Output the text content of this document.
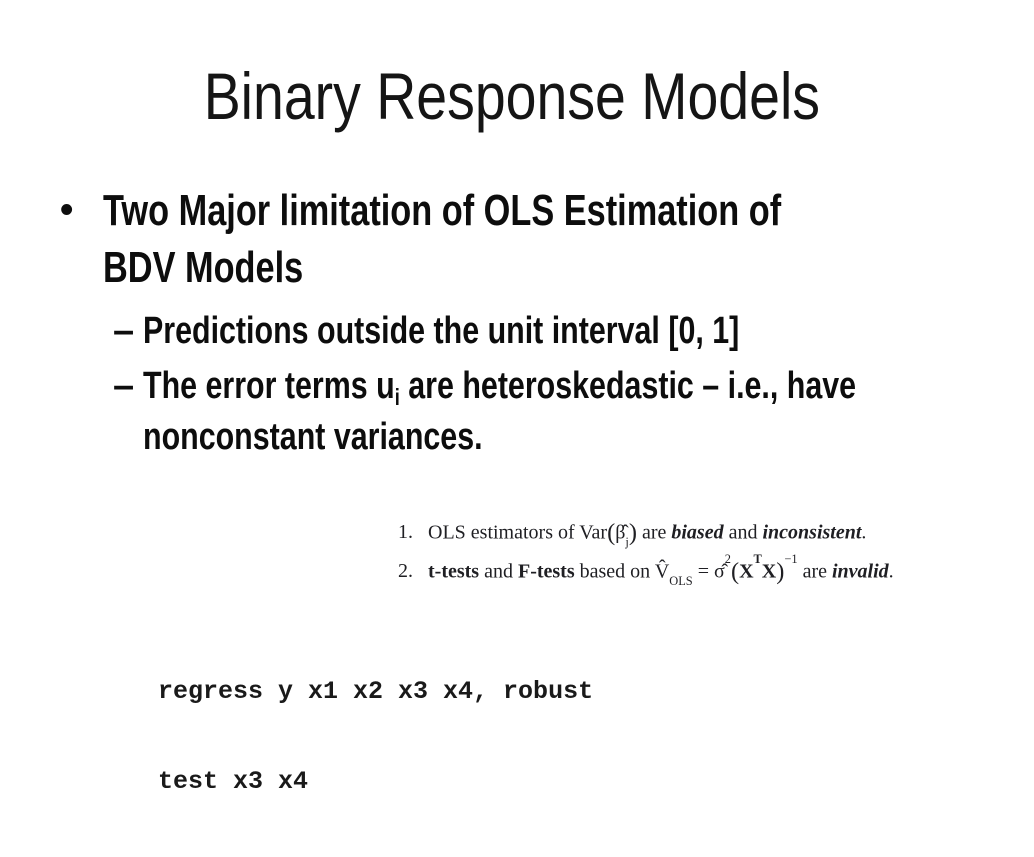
Binary Response Models
• Two Major limitation of OLS Estimation of
BDV Models
– Predictions outside the unit interval [0, 1]
– The error terms ui are heteroskedastic – i.e., have
nonconstant variances.

1. OLS estimators of $Var(\betâ_j)$ are biased and inconsistent.

2. t-tests and F-tests based on $V̂_{OLS}$ = $\sigmâ^2(X^TX)^{-1}$ are invalid.

regress y x1 x2 x3 x4, robust

test x3 x4
